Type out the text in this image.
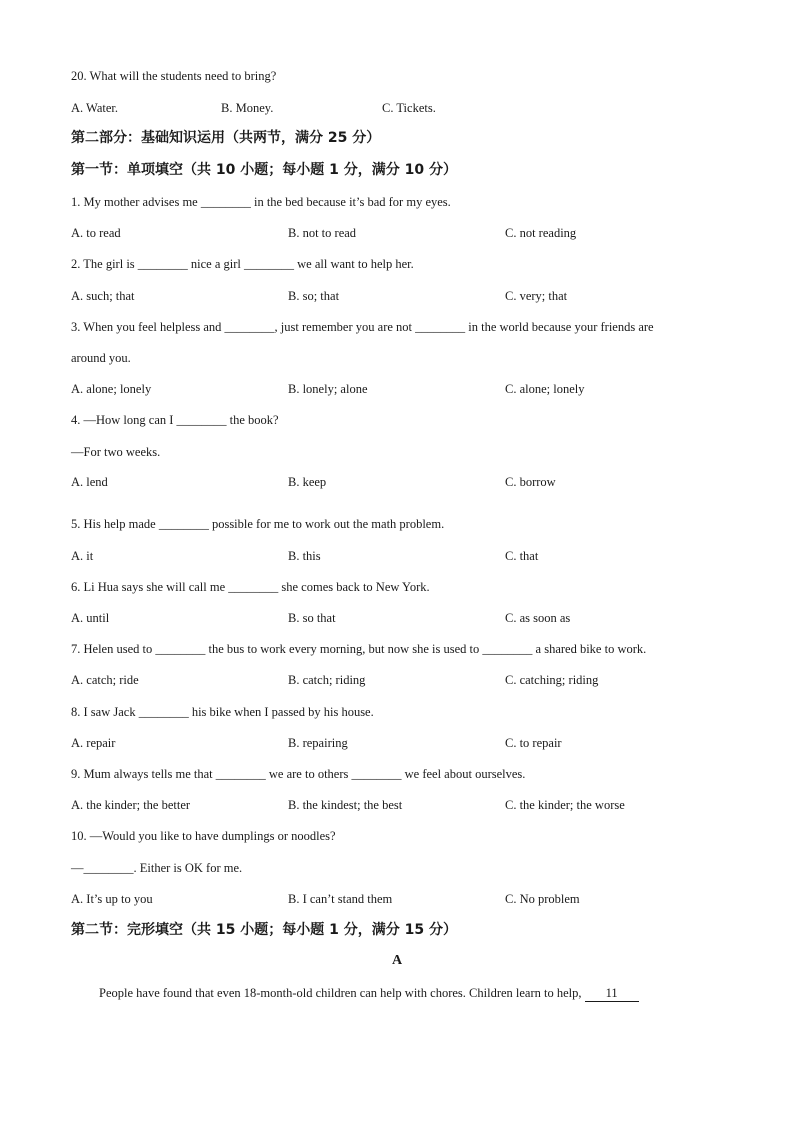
20. What will the students need to bring?
A. Water.	B. Money.	C. Tickets.
第二部分：基础知识运用（共两节，满分 25 分）
第一节：单项填空（共 10 小题；每小题 1 分，满分 10 分）
1. My mother advises me ________ in the bed because it’s bad for my eyes.
A. to read	B. not to read	C. not reading
2. The girl is ________ nice a girl ________ we all want to help her.
A. such; that	B. so; that	C. very; that
3. When you feel helpless and ________, just remember you are not ________ in the world because your friends are
around you.
A. alone; lonely	B. lonely; alone	C. alone; lonely
4. —How long can I ________ the book?
—For two weeks.
A. lend	B. keep	C. borrow
5. His help made ________ possible for me to work out the math problem.
A. it	B. this	C. that
6. Li Hua says she will call me ________ she comes back to New York.
A. until	B. so that	C. as soon as
7. Helen used to ________ the bus to work every morning, but now she is used to ________ a shared bike to work.
A. catch; ride	B. catch; riding	C. catching; riding
8. I saw Jack ________ his bike when I passed by his house.
A. repair	B. repairing	C. to repair
9. Mum always tells me that ________ we are to others ________ we feel about ourselves.
A. the kinder; the better	B. the kindest; the best	C. the kinder; the worse
10. —Would you like to have dumplings or noodles?
—________. Either is OK for me.
A. It’s up to you	B. I can’t stand them	C. No problem
第二节：完形填空（共 15 小题；每小题 1 分，满分 15 分）
A
People have found that even 18-month-old children can help with chores. Children learn to help, 11
